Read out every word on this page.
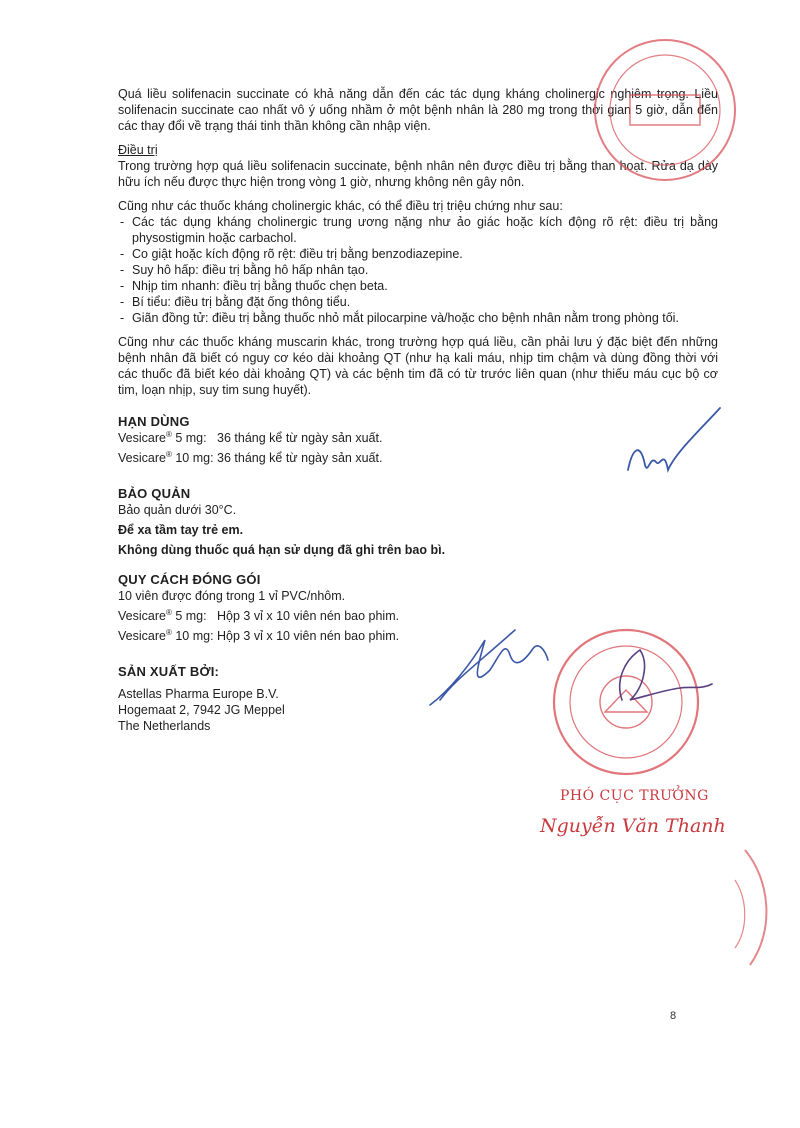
Quá liều solifenacin succinate có khả năng dẫn đến các tác dụng kháng cholinergic nghiêm trọng. Liều solifenacin succinate cao nhất vô ý uống nhầm ở một bệnh nhân là 280 mg trong thời gian 5 giờ, dẫn đến các thay đổi về trạng thái tinh thần không cần nhập viện.

Điều trị

Trong trường hợp quá liều solifenacin succinate, bệnh nhân nên được điều trị bằng than hoạt. Rửa dạ dày hữu ích nếu được thực hiện trong vòng 1 giờ, nhưng không nên gây nôn.

Cũng như các thuốc kháng cholinergic khác, có thể điều trị triệu chứng như sau:

- Các tác dụng kháng cholinergic trung ương nặng như ảo giác hoặc kích động rõ rệt: điều trị bằng physostigmin hoặc carbachol.
- Co giật hoặc kích động rõ rệt: điều trị bằng benzodiazepine.
- Suy hô hấp: điều trị bằng hô hấp nhân tạo.
- Nhịp tim nhanh: điều trị bằng thuốc chẹn beta.
- Bí tiểu: điều trị bằng đặt ống thông tiểu.
- Giãn đồng tử: điều trị bằng thuốc nhỏ mắt pilocarpine và/hoặc cho bệnh nhân nằm trong phòng tối.

Cũng như các thuốc kháng muscarin khác, trong trường hợp quá liều, cần phải lưu ý đặc biệt đến những bệnh nhân đã biết có nguy cơ kéo dài khoảng QT (như hạ kali máu, nhịp tim chậm và dùng đồng thời với các thuốc đã biết kéo dài khoảng QT) và các bệnh tim đã có từ trước liên quan (như thiếu máu cục bộ cơ tim, loạn nhịp, suy tim sung huyết).

HẠN DÙNG

Vesicare® 5 mg: 36 tháng kể từ ngày sản xuất.

Vesicare® 10 mg: 36 tháng kể từ ngày sản xuất.

BẢO QUẢN

Bảo quản dưới 30°C.

Để xa tầm tay trẻ em.

Không dùng thuốc quá hạn sử dụng đã ghi trên bao bì.

QUY CÁCH ĐÓNG GÓI

10 viên được đóng trong 1 vỉ PVC/nhôm.

Vesicare® 5 mg: Hộp 3 vỉ x 10 viên nén bao phim.

Vesicare® 10 mg: Hộp 3 vỉ x 10 viên nén bao phim.

SẢN XUẤT BỞI:

Astellas Pharma Europe B.V.

Hogemaat 2, 7942 JG Meppel

The Netherlands

PHÓ CỤC TRƯỞNG

Nguyễn Văn Thanh

8
